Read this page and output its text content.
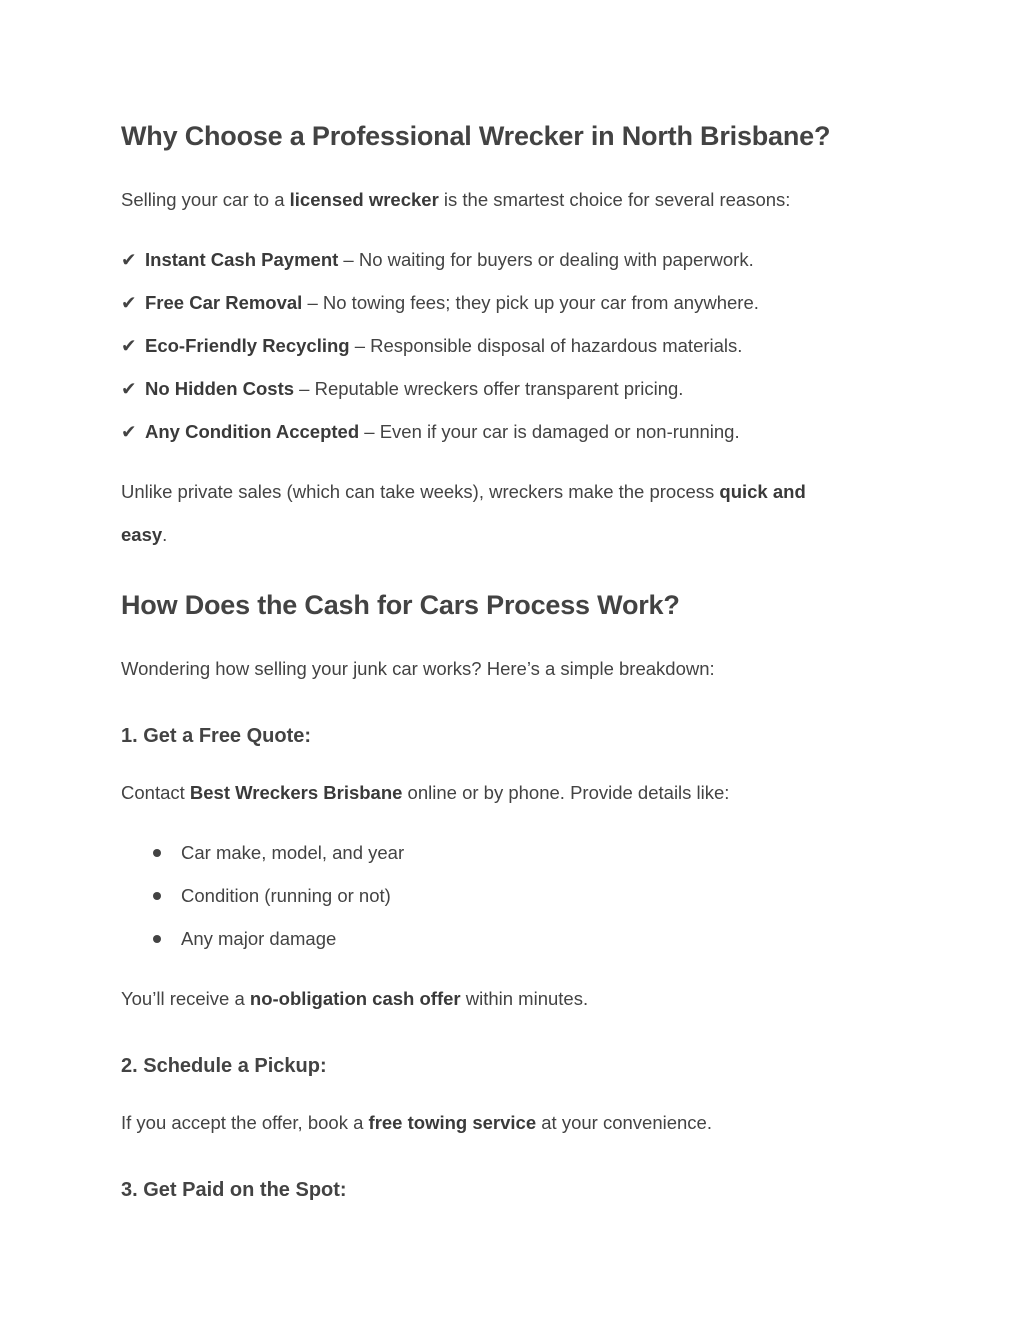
Why Choose a Professional Wrecker in North Brisbane?

Selling your car to a licensed wrecker is the smartest choice for several reasons:

✔ Instant Cash Payment – No waiting for buyers or dealing with paperwork.
✔ Free Car Removal – No towing fees; they pick up your car from anywhere.
✔ Eco-Friendly Recycling – Responsible disposal of hazardous materials.
✔ No Hidden Costs – Reputable wreckers offer transparent pricing.
✔ Any Condition Accepted – Even if your car is damaged or non-running.

Unlike private sales (which can take weeks), wreckers make the process quick and

easy.

How Does the Cash for Cars Process Work?

Wondering how selling your junk car works? Here’s a simple breakdown:

1. Get a Free Quote:

Contact Best Wreckers Brisbane online or by phone. Provide details like:

Car make, model, and year

Condition (running or not)

Any major damage

You’ll receive a no-obligation cash offer within minutes.

2. Schedule a Pickup:

If you accept the offer, book a free towing service at your convenience.

3. Get Paid on the Spot:
